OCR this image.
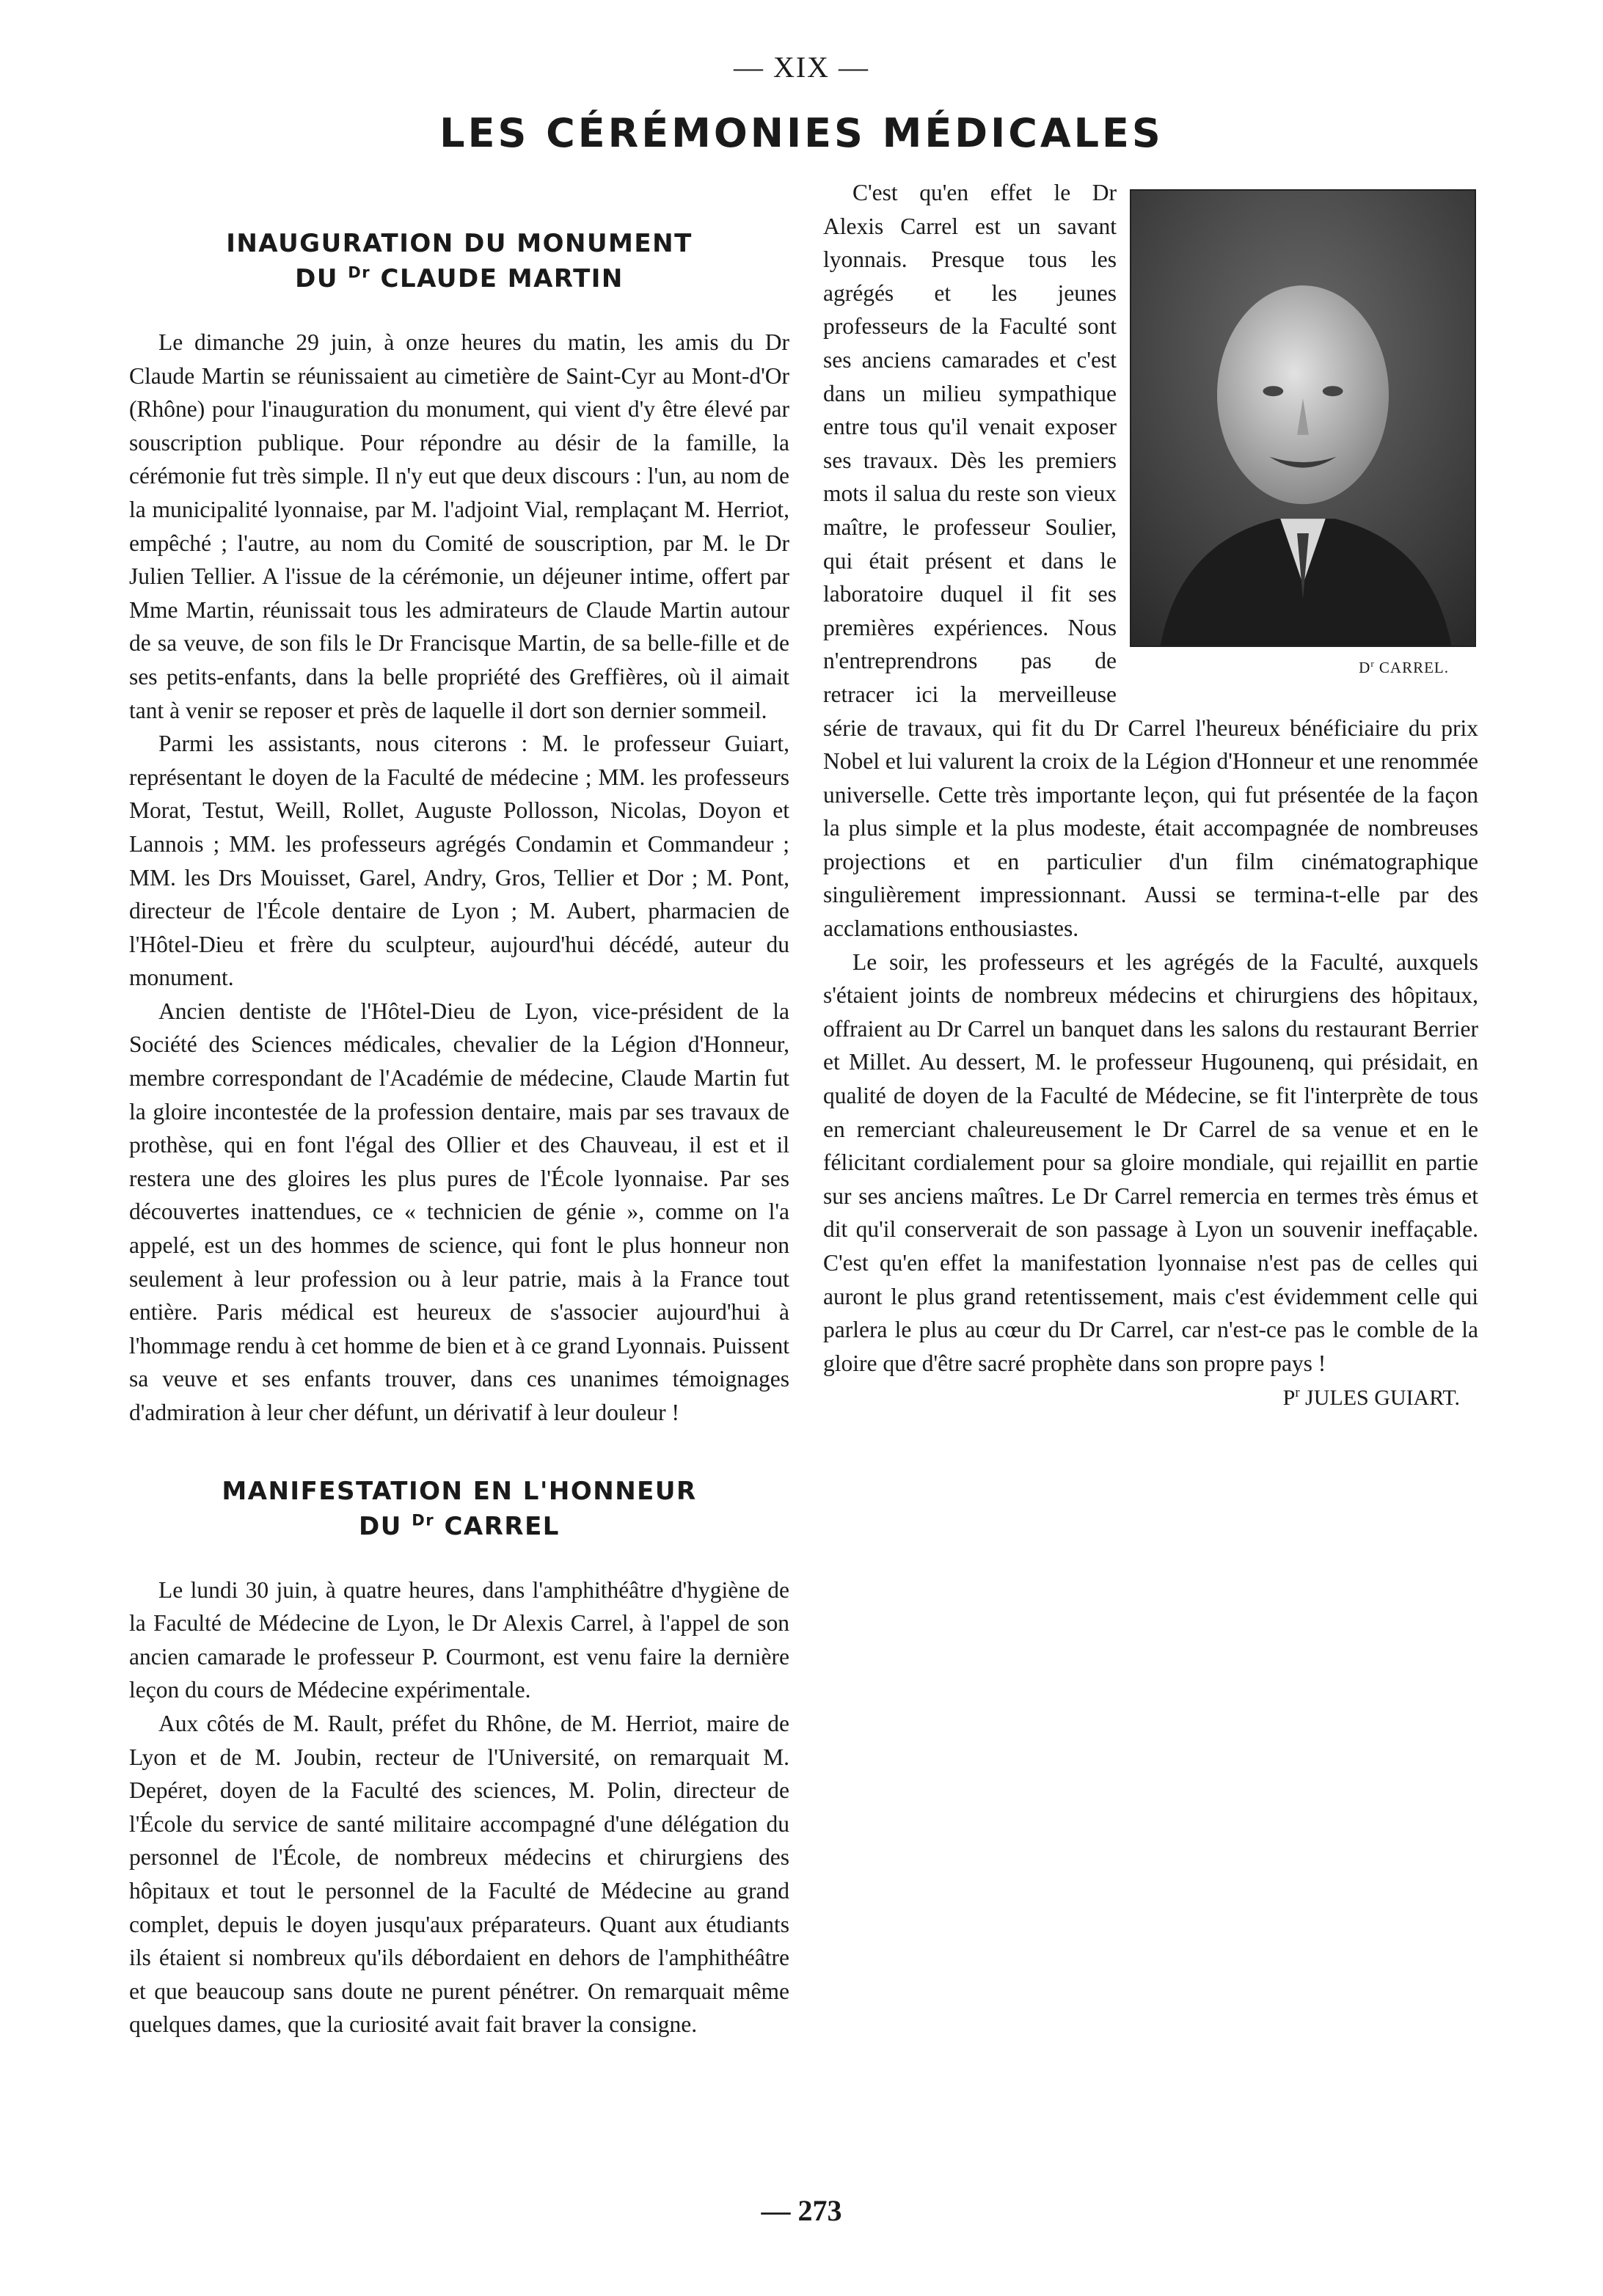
— XIX —
LES CÉRÉMONIES MÉDICALES
INAUGURATION DU MONUMENT
DU $^{Dr}$ CLAUDE MARTIN

Le dimanche 29 juin, à onze heures du matin, les amis du Dr Claude Martin se réunissaient au cimetière de Saint-Cyr au Mont-d'Or (Rhône) pour l'inauguration du monument, qui vient d'y être élevé par souscription publique. Pour répondre au désir de la famille, la cérémonie fut très simple. Il n'y eut que deux discours : l'un, au nom de la municipalité lyonnaise, par M. l'adjoint Vial, remplaçant M. Herriot, empêché ; l'autre, au nom du Comité de souscription, par M. le Dr Julien Tellier. A l'issue de la cérémonie, un déjeuner intime, offert par Mme Martin, réunissait tous les admirateurs de Claude Martin autour de sa veuve, de son fils le Dr Francisque Martin, de sa belle-fille et de ses petits-enfants, dans la belle propriété des Greffières, où il aimait tant à venir se reposer et près de laquelle il dort son dernier sommeil.

Parmi les assistants, nous citerons : M. le professeur Guiart, représentant le doyen de la Faculté de médecine ; MM. les professeurs Morat, Testut, Weill, Rollet, Auguste Pollosson, Nicolas, Doyon et Lannois ; MM. les professeurs agrégés Condamin et Commandeur ; MM. les Drs Mouisset, Garel, Andry, Gros, Tellier et Dor ; M. Pont, directeur de l'École dentaire de Lyon ; M. Aubert, pharmacien de l'Hôtel-Dieu et frère du sculpteur, aujourd'hui décédé, auteur du monument.

Ancien dentiste de l'Hôtel-Dieu de Lyon, vice-président de la Société des Sciences médicales, chevalier de la Légion d'Honneur, membre correspondant de l'Académie de médecine, Claude Martin fut la gloire incontestée de la profession dentaire, mais par ses travaux de prothèse, qui en font l'égal des Ollier et des Chauveau, il est et il restera une des gloires les plus pures de l'École lyonnaise. Par ses découvertes inattendues, ce « technicien de génie », comme on l'a appelé, est un des hommes de science, qui font le plus honneur non seulement à leur profession ou à leur patrie, mais à la France tout entière. Paris médical est heureux de s'associer aujourd'hui à l'hommage rendu à cet homme de bien et à ce grand Lyonnais. Puissent sa veuve et ses enfants trouver, dans ces unanimes témoignages d'admiration à leur cher défunt, un dérivatif à leur douleur !

MANIFESTATION EN L'HONNEUR
DU $^{Dr}$ CARREL

Le lundi 30 juin, à quatre heures, dans l'amphithéâtre d'hygiène de la Faculté de Médecine de Lyon, le Dr Alexis Carrel, à l'appel de son ancien camarade le professeur P. Courmont, est venu faire la dernière leçon du cours de Médecine expérimentale.

Aux côtés de M. Rault, préfet du Rhône, de M. Herriot, maire de Lyon et de M. Joubin, recteur de l'Université, on remarquait M. Depéret, doyen de la Faculté des sciences, M. Polin, directeur de l'École du service de santé militaire accompagné d'une délégation du personnel de l'École, de nombreux médecins et chirurgiens des hôpitaux et tout le personnel de la Faculté de Médecine au grand complet, depuis le doyen jusqu'aux préparateurs. Quant aux étudiants ils étaient si nombreux qu'ils débordaient en dehors de l'amphithéâtre et que beaucoup sans doute ne purent pénétrer. On remarquait même quelques dames, que la curiosité avait fait braver la consigne.

$D^r$ CARREL.

C'est qu'en effet le Dr Alexis Carrel est un savant lyonnais. Presque tous les agrégés et les jeunes professeurs de la Faculté sont ses anciens camarades et c'est dans un milieu sympathique entre tous qu'il venait exposer ses travaux. Dès les premiers mots il salua du reste son vieux maître, le professeur Soulier, qui était présent et dans le laboratoire duquel il fit ses premières expériences. Nous n'entreprendrons pas de retracer ici la merveilleuse série de travaux, qui fit du Dr Carrel l'heureux bénéficiaire du prix Nobel et lui valurent la croix de la Légion d'Honneur et une renommée universelle. Cette très importante leçon, qui fut présentée de la façon la plus simple et la plus modeste, était accompagnée de nombreuses projections et en particulier d'un film cinématographique singulièrement impressionnant. Aussi se termina-t-elle par des acclamations enthousiastes.

Le soir, les professeurs et les agrégés de la Faculté, auxquels s'étaient joints de nombreux médecins et chirurgiens des hôpitaux, offraient au Dr Carrel un banquet dans les salons du restaurant Berrier et Millet. Au dessert, M. le professeur Hugounenq, qui présidait, en qualité de doyen de la Faculté de Médecine, se fit l'interprète de tous en remerciant chaleureusement le Dr Carrel de sa venue et en le félicitant cordialement pour sa gloire mondiale, qui rejaillit en partie sur ses anciens maîtres. Le Dr Carrel remercia en termes très émus et dit qu'il conserverait de son passage à Lyon un souvenir ineffaçable. C'est qu'en effet la manifestation lyonnaise n'est pas de celles qui auront le plus grand retentissement, mais c'est évidemment celle qui parlera le plus au cœur du Dr Carrel, car n'est-ce pas le comble de la gloire que d'être sacré prophète dans son propre pays !

$P^r$ JULES GUIART.
— 273
